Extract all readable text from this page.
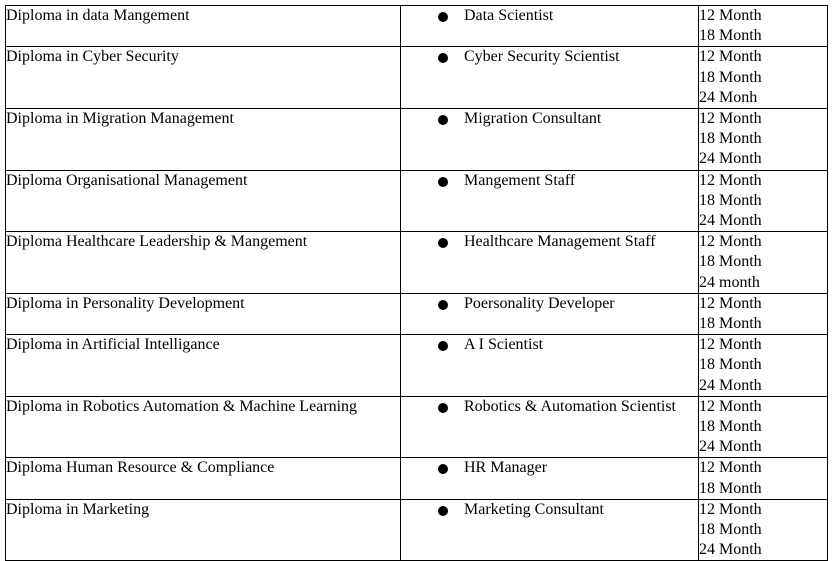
Diploma in data Mangement	Data Scientist	12 Month
18 Month

Diploma in Cyber Security	Cyber Security Scientist	12 Month
18 Month
24 Monh

Diploma in Migration Management	Migration Consultant	12 Month
18 Month
24 Month

Diploma Organisational Management	Mangement Staff	12 Month
18 Month
24 Month

Diploma Healthcare Leadership & Mangement	Healthcare Management Staff	12 Month
18 Month
24 month

Diploma in Personality Development	Poersonality Developer	12 Month
18 Month

Diploma in Artificial Intelligance	A I Scientist	12 Month
18 Month
24 Month

Diploma in Robotics Automation & Machine Learning	Robotics & Automation Scientist	12 Month
18 Month
24 Month

Diploma Human Resource & Compliance	HR Manager	12 Month
18 Month

Diploma in Marketing	Marketing Consultant	12 Month
18 Month
24 Month
